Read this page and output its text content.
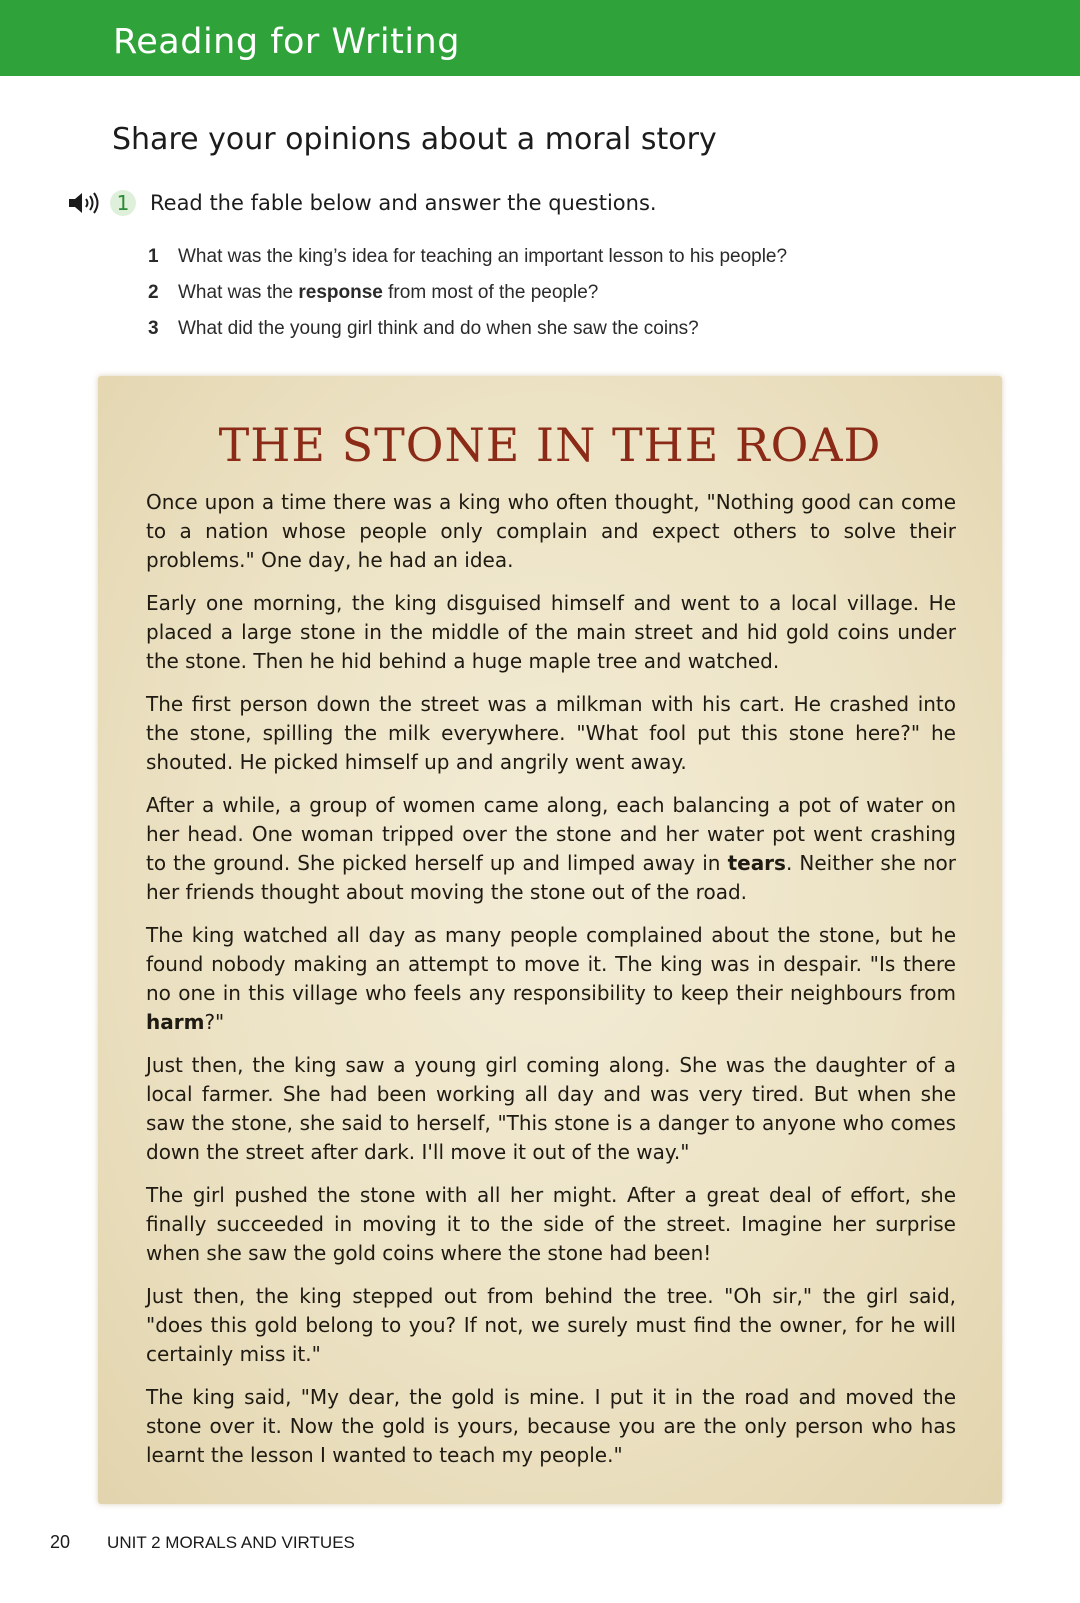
Reading for Writing
Share your opinions about a moral story
1 Read the fable below and answer the questions.
1 What was the king’s idea for teaching an important lesson to his people?
2 What was the response from most of the people?
3 What did the young girl think and do when she saw the coins?
THE STONE IN THE ROAD

Once upon a time there was a king who often thought, "Nothing good can come to a nation whose people only complain and expect others to solve their problems." One day, he had an idea.

Early one morning, the king disguised himself and went to a local village. He placed a large stone in the middle of the main street and hid gold coins under the stone. Then he hid behind a huge maple tree and watched.

The first person down the street was a milkman with his cart. He crashed into the stone, spilling the milk everywhere. "What fool put this stone here?" he shouted. He picked himself up and angrily went away.

After a while, a group of women came along, each balancing a pot of water on her head. One woman tripped over the stone and her water pot went crashing to the ground. She picked herself up and limped away in tears. Neither she nor her friends thought about moving the stone out of the road.

The king watched all day as many people complained about the stone, but he found nobody making an attempt to move it. The king was in despair. "Is there no one in this village who feels any responsibility to keep their neighbours from harm?"

Just then, the king saw a young girl coming along. She was the daughter of a local farmer. She had been working all day and was very tired. But when she saw the stone, she said to herself, "This stone is a danger to anyone who comes down the street after dark. I'll move it out of the way."

The girl pushed the stone with all her might. After a great deal of effort, she finally succeeded in moving it to the side of the street. Imagine her surprise when she saw the gold coins where the stone had been!

Just then, the king stepped out from behind the tree. "Oh sir," the girl said, "does this gold belong to you? If not, we surely must find the owner, for he will certainly miss it."

The king said, "My dear, the gold is mine. I put it in the road and moved the stone over it. Now the gold is yours, because you are the only person who has learnt the lesson I wanted to teach my people."

20 UNIT 2 MORALS AND VIRTUES
